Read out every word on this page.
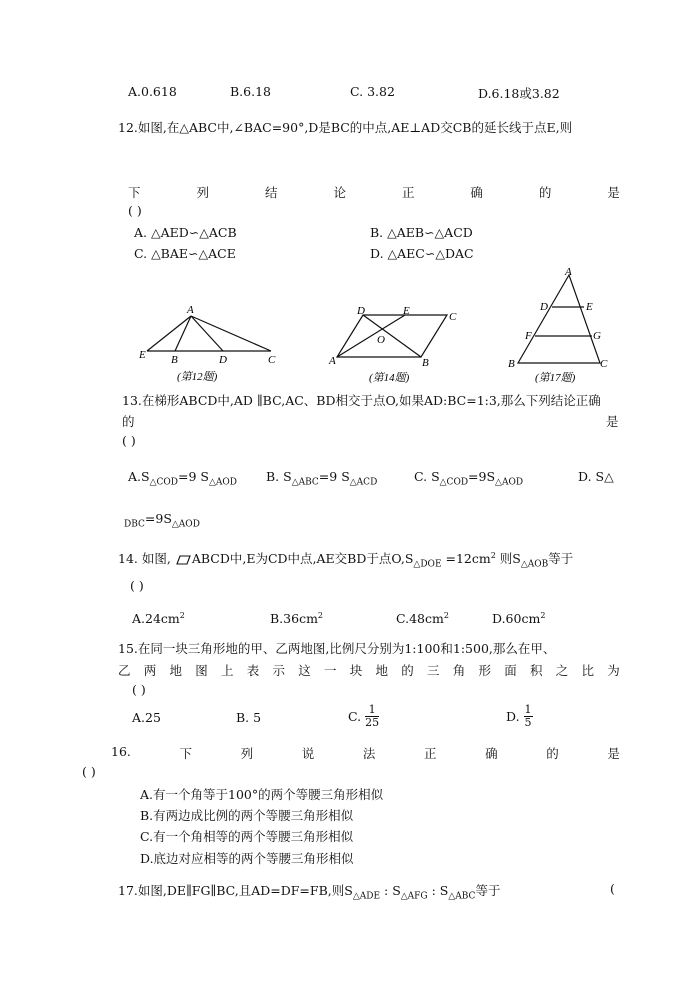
A.0.618	B.6.18	C. 3.82	D.6.18或3.82
12.如图,在△ABC中,∠BAC=90°,D是BC的中点,AE⊥AD交CB的延长线于点E,则
下	列	结	论	正	确	的	是
( )
A. △AED∽△ACB	B. △AEB∽△ACD
C. △BAE∽△ACE	D. △AEC∽△DAC
A
E B	D	C
(第12题)
D	E	C
O
A	B
(第14题)
A
D	E
F	G
B	C
(第17题)
13.在梯形ABCD中,AD ∥BC,AC、BD相交于点O,如果AD:BC=1:3,那么下列结论正确
的	是
( )
$A.S_{\triangle COD}=9$ $S_{\triangle AOD}$ B. $S_{\triangle ABC}=9$ $S_{\triangle ACD}$	C. $S_{\triangle COD}=9S_{\triangle AOD}$	D. S△
$_{DBC}=9S_{\triangle AOD}$
14. 如图, ABCD中,E为CD中点,AE交BD于点$O,S_{\triangle DOE} =12cm^2$ 则$S_{\triangle AOB}$等于
( )
$A.24cm^2$	$B.36cm^2$	$C.48cm^2$	$D.60cm^2$
15.在同一块三角形地的甲、乙两地图,比例尺分别为1:100和1:500,那么在甲、
乙 两 地 图 上 表 示 这 一 块 地 的 三 角 形 面 积 之 比 为
( )
A.25	B. 5	C. $\frac{1}{25}$	D. $\frac{1}{5}$
16.	下	列	说	法	正	确	的	是
( )
A.有一个角等于100°的两个等腰三角形相似
B.有两边成比例的两个等腰三角形相似
C.有一个角相等的两个等腰三角形相似
D.底边对应相等的两个等腰三角形相似
17.如图,DE∥FG∥BC,且AD=DF=FB,则$S_{\triangle ADE}$ : $S_{\triangle AFG}$ : $S_{\triangle ABC}$等于	(
